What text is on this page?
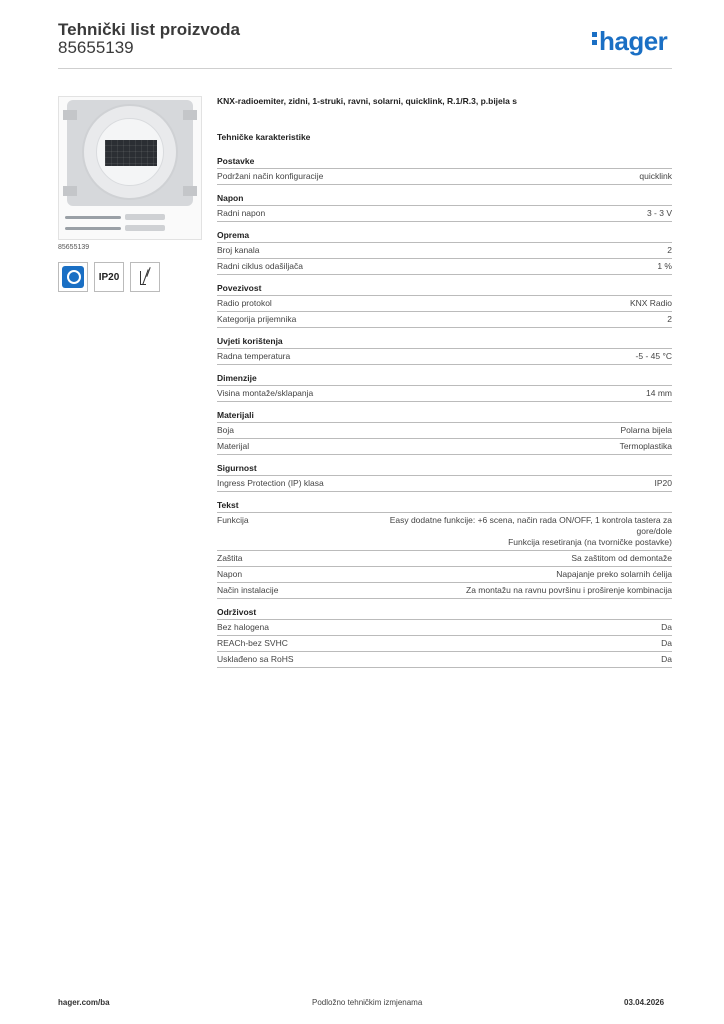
Tehnički list proizvoda
85655139	hager
85655139
IP20
KNX-radioemiter, zidni, 1-struki, ravni, solarni, quicklink, R.1/R.3, p.bijela s
Tehničke karakteristike
Postavke
Podržani način konfiguracije	quicklink
Napon
Radni napon	3 - 3 V
Oprema
Broj kanala	2
Radni ciklus odašiljača	1 %
Povezivost
Radio protokol	KNX Radio
Kategorija prijemnika	2
Uvjeti korištenja
Radna temperatura	-5 - 45 °C
Dimenzije
Visina montaže/sklapanja	14 mm
Materijali
Boja	Polarna bijela
Materijal	Termoplastika
Sigurnost
Ingress Protection (IP) klasa	IP20
Tekst
Funkcija	Easy dodatne funkcije: +6 scena, način rada ON/OFF, 1 kontrola tastera za
gore/dole
Funkcija resetiranja (na tvorničke postavke)
Zaštita	Sa zaštitom od demontaže
Napon	Napajanje preko solarnih ćelija
Način instalacije	Za montažu na ravnu površinu i proširenje kombinacija
Održivost
Bez halogena	Da
REACh-bez SVHC	Da
Usklađeno sa RoHS	Da
hager.com/ba	Podložno tehničkim izmjenama	03.04.2026
